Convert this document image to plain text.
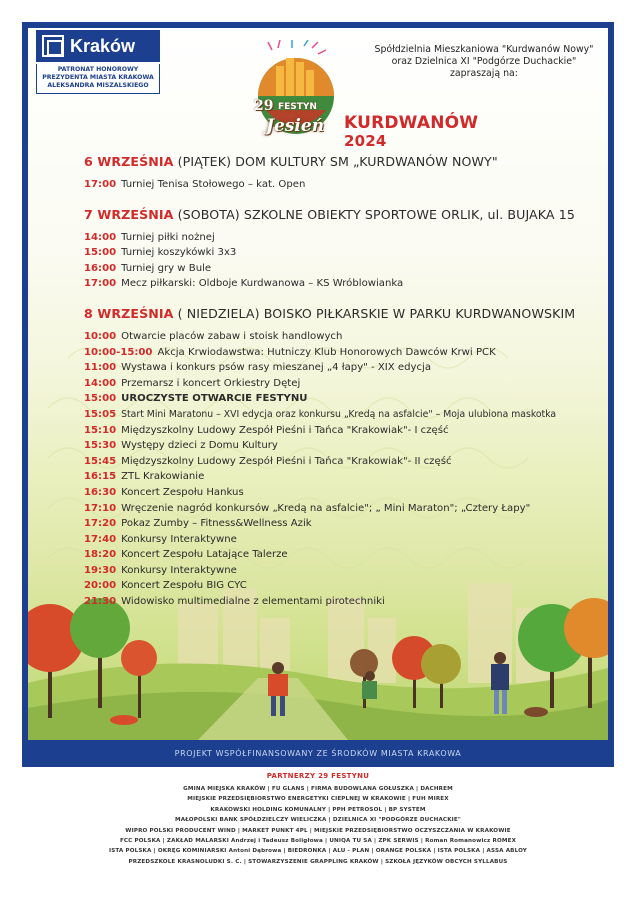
Kraków
PATRONAT HONOROWY
PREZYDENTA MIASTA KRAKOWA
ALEKSANDRA MISZALSKIEGO
29 FESTYN
Jesień KURDWANÓW
2024
Spółdzielnia Mieszkaniowa "Kurdwanów Nowy"
oraz Dzielnica XI "Podgórze Duchackie"
zapraszają na:
6 WRZEŚNIA (PIĄTEK) DOM KULTURY SM „KURDWANÓW NOWY"
17:00 Turniej Tenisa Stołowego – kat. Open
7 WRZEŚNIA (SOBOTA) SZKOLNE OBIEKTY SPORTOWE ORLIK, ul. BUJAKA 15
14:00 Turniej piłki nożnej
15:00 Turniej koszykówki 3x3
16:00 Turniej gry w Bule
17:00 Mecz piłkarski: Oldboje Kurdwanowa – KS Wróblowianka
8 WRZEŚNIA ( NIEDZIELA) BOISKO PIŁKARSKIE W PARKU KURDWANOWSKIM
10:00 Otwarcie placów zabaw i stoisk handlowych
10:00-15:00 Akcja Krwiodawstwa: Hutniczy Klub Honorowych Dawców Krwi PCK
11:00 Wystawa i konkurs psów rasy mieszanej „4 łapy" - XIX edycja
14:00 Przemarsz i koncert Orkiestry Dętej
15:00 UROCZYSTE OTWARCIE FESTYNU
15:05 Start Mini Maratonu – XVI edycja oraz konkursu „Kredą na asfalcie" – Moja ulubiona maskotka
15:10 Międzyszkolny Ludowy Zespół Pieśni i Tańca "Krakowiak"- I część
15:30 Występy dzieci z Domu Kultury
15:45 Międzyszkolny Ludowy Zespół Pieśni i Tańca "Krakowiak"- II część
16:15 ZTL Krakowianie
16:30 Koncert Zespołu Hankus
17:10 Wręczenie nagród konkursów „Kredą na asfalcie"; „ Mini Maraton"; „Cztery Łapy"
17:20 Pokaz Zumby – Fitness&Wellness Azik
17:40 Konkursy Interaktywne
18:20 Koncert Zespołu Latające Talerze
19:30 Konkursy Interaktywne
20:00 Koncert Zespołu BIG CYC
21:30 Widowisko multimedialne z elementami pirotechniki
PROJEKT WSPÓŁFINANSOWANY ZE ŚRODKÓW MIASTA KRAKOWA
PARTNERZY 29 FESTYNU
GMINA MIEJSKA KRAKÓW | FU GLANS | FIRMA BUDOWLANA GOŁUSZKA | DACHREM
MIEJSKIE PRZEDSIĘBIORSTWO ENERGETYKI CIEPLNEJ W KRAKOWIE | FUH MIREX
KRAKOWSKI HOLDING KOMUNALNY | PPH PETROSOL | BP SYSTEM
MAŁOPOLSKI BANK SPÓŁDZIELCZY WIELICZKA | DZIELNICA XI "PODGÓRZE DUCHACKIE"
WIPRO POLSKI PRODUCENT WIND | MARKET PUNKT 4PL | MIEJSKIE PRZEDSIĘBIORSTWO OCZYSZCZANIA W KRAKOWIE
FCC POLSKA | ZAKŁAD MALARSKI Andrzej i Tadeusz Boligłowa | UNIQA TU SA | ZPK SERWIS | Roman Romanowicz ROMEX
ISTA POLSKA | OKRĘG KOMINIARSKI Antoni Dąbrowa | BIEDRONKA | ALU - PLAN | ORANGE POLSKA | ISTA POLSKA | ASSA ABLOY
PRZEDSZKOLE KRASNOLUDKI S. C. | STOWARZYSZENIE GRAPPLING KRAKÓW | SZKOŁA JĘZYKÓW OBCYCH SYLLABUS
